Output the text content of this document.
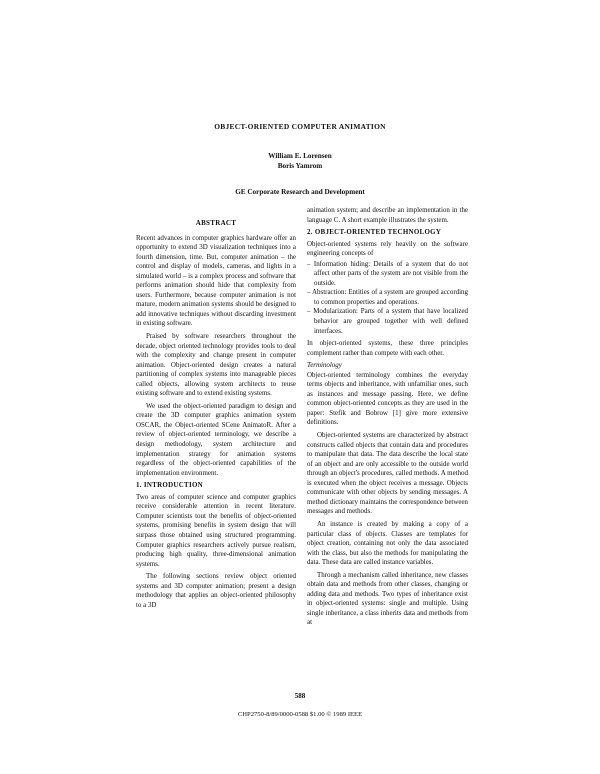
OBJECT-ORIENTED COMPUTER ANIMATION
William E. Lorensen
Boris Yamrom
GE Corporate Research and Development

ABSTRACT

Recent advances in computer graphics hardware offer an opportunity to extend 3D visualization techniques into a fourth dimension, time. But, computer animation – the control and display of models, cameras, and lights in a simulated world – is a complex process and software that performs animation should hide that complexity from users. Furthermore, because computer animation is not mature, modern animation systems should be designed to add innovative techniques without discarding investment in existing software.

Praised by software researchers throughout the decade, object oriented technology provides tools to deal with the complexity and change present in computer animation. Object-oriented design creates a natural partitioning of complex systems into manageable pieces called objects, allowing system architects to reuse existing software and to extend existing systems.

We used the object-oriented paradigm to design and create the 3D computer graphics animation system OSCAR, the Object-oriented SCene AnimatoR. After a review of object-oriented terminology, we describe a design methodology, system architecture and implementation strategy for animation systems regardless of the object-oriented capabilities of the implementation environment.

1. INTRODUCTION

Two areas of computer science and computer graphics receive considerable attention in recent literature. Computer scientists tout the benefits of object-oriented systems, promising benefits in system design that will surpass those obtained using structured programming. Computer graphics researchers actively pursue realism, producing high quality, three-dimensional animation systems.

The following sections review object oriented systems and 3D computer animation; present a design methodology that applies an object-oriented philosophy to a 3D

animation system; and describe an implementation in the language C. A short example illustrates the system.

2. OBJECT-ORIENTED TECHNOLOGY

Object-oriented systems rely heavily on the software engineering concepts of

– Information hiding: Details of a system that do not affect other parts of the system are not visible from the outside.
– Abstraction: Entities of a system are grouped according to common properties and operations.
– Modularization: Parts of a system that have localized behavior are grouped together with well defined interfaces.

In object-oriented systems, these three principles complement rather than compete with each other.

Terminology

Object-oriented terminology combines the everyday terms objects and inheritance, with unfamiliar ones, such as instances and message passing. Here, we define common object-oriented concepts as they are used in the paper: Stefik and Bobrow [1] give more extensive definitions.

Object-oriented systems are characterized by abstract constructs called objects that contain data and procedures to manipulate that data. The data describe the local state of an object and are only accessible to the outside world through an object's procedures, called methods. A method is executed when the object receives a message. Objects communicate with other objects by sending messages. A method dictionary maintains the correspondence between messages and methods.

An instance is created by making a copy of a particular class of objects. Classes are templates for object creation, containing not only the data associated with the class, but also the methods for manipulating the data. These data are called instance variables.

Through a mechanism called inheritance, new classes obtain data and methods from other classes, changing or adding data and methods. Two types of inheritance exist in object-oriented systems: single and multiple. Using single inheritance, a class inherits data and methods from at

588
CHP2750-8/89/0000-0588 $1.00 © 1989 IEEE
